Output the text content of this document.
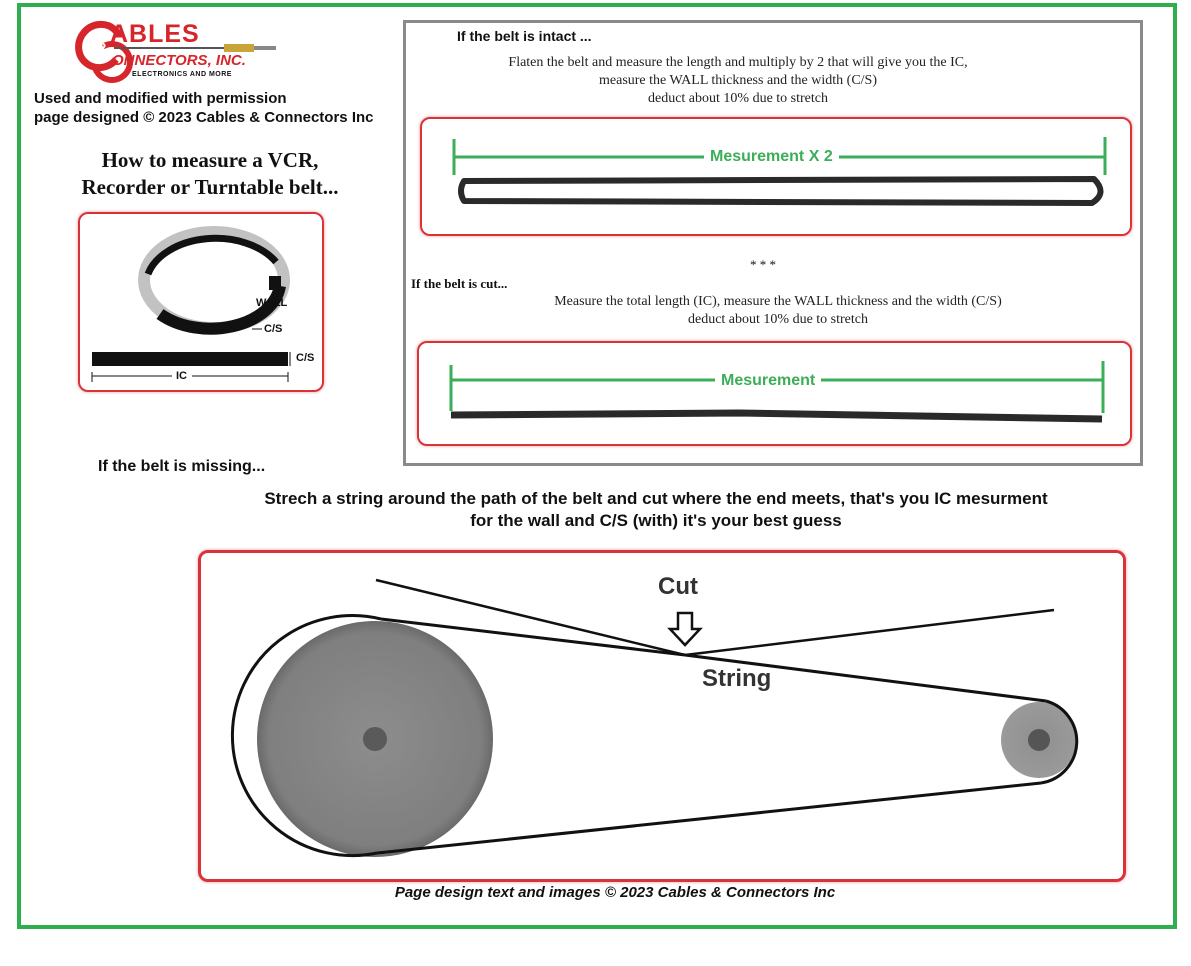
&
ABLES
ONNECTORS, INC.
ELECTRONICS AND MORE
Used and modified with permission
page designed © 2023 Cables & Connectors Inc
How to measure a VCR,
Recorder or Turntable belt...
WALL
C/S
C/S
IC
If the belt is intact ...
Flaten the belt and measure the length and multiply by 2 that will give you the IC,
measure the WALL thickness and the width (C/S)
deduct about 10% due to stretch
Mesurement X 2
* * *
If the belt is cut...
Measure the total length (IC), measure the WALL thickness and the width (C/S)
deduct about 10% due to stretch
Mesurement
If the belt is missing...
Strech a string around the path of the belt and cut where the end meets, that's you IC mesurment
for the wall and C/S (with) it's your best guess
Cut
String
Page design text and images © 2023 Cables & Connectors Inc
